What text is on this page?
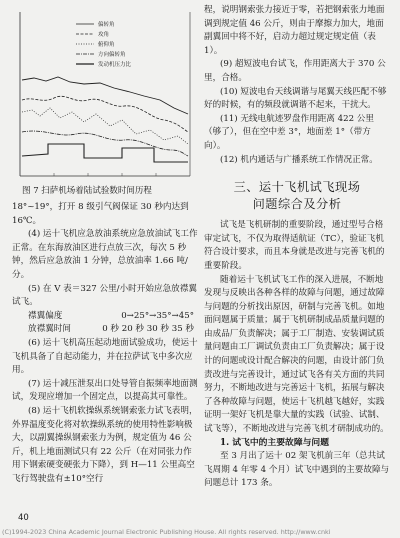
偏转角
攻角
俯仰角
方向偏转角
发动机压力比
图 7 扫萨机场着陆试验数时间历程

18°~19°，打开 8 级引气阀保证 30 秒内达到 16℃。

(4) 运十飞机应急放油系统应急放油试飞工作正常。在东海放油区进行点放三次，每次 5 秒钟，然后应急放油 1 分钟，总放油率 1.66 吨/分。

(5) 在 V 表＝327 公里/小时开始应急放襟翼试飞。

襟翼偏度	0→25°→35°→45°
放襟翼时间	0 秒 20 秒 30 秒 35 秒

(6) 运十飞机高压起动地面试验成功，使运十飞机具备了自起动能力，并在拉萨试飞中多次应用。

(7) 运十减压泄泵出口处导管自振频率地面测试，发现应增加一个固定点，以提高其可靠性。

(8) 运十飞机软操纵系统钢索张力试飞表明，外界温度变化将对软操纵系统的使用特性影响极大，以副翼操纵钢索张力为例，规定值为 46 公斤，机上地面测试只有 22 公斤（在对同张力作用下钢索硬变硬张力下降），到 H—11 公里高空飞行驾驶盘有±10°空行

40
(C)1994-2023 China Academic Journal Electronic Publishing House. All rights reserved. http://www.cnki

程，说明钢索张力接近于零，若把钢索张力地面调到规定值 46 公斤，则由于摩擦力加大，地面副翼回中将不好，启动力超过规定规定值（表 1）。

(9) 超短波电台试飞，作用距离大于 370 公里，合格。

(10) 短波电台天线调谐与尾翼天线匹配不够好的时候，有的频段就调谐不起来，干扰大。

(11) 无线电航迹罗盘作用距离 422 公里（够了），但在空中差 3°，地面差 1°（带方向）。

(12) 机内通话与广播系统工作情况正常。

三、运十飞机试飞现场
问题综合及分析

试飞是飞机研制的重要阶段，通过型号合格审定试飞，不仅为取得适航证（TC），验证飞机符合设计要求，而且本身就是改进与完善飞机的重要阶段。

随着运十飞机试飞工作的深入进展，不断地发现与反映出各种各样的故障与问题，通过故障与问题的分析找出原因，研制与完善飞机。如地面问题属于质量；属于飞机研制成品质量问题的由成品厂负责解决；属于工厂制造、安装调试质量问题由工厂调试负责由工厂负责解决；属于设计的问题或设计配合解决的问题，由设计部门负责改进与完善设计，通过试飞各有关方面的共同努力，不断地改进与完善运十飞机，拓展与解决了各种故障与问题，使运十飞机越飞越好，实践证明一架好飞机是靠大量的实践（试验、试制、试飞等），不断地改进与完善飞机才研制成功的。

1. 试飞中的主要故障与问题

至 3 月出了运十 02 架飞机前三年（总共试飞周期 4 年零 4 个月）试飞中遇到的主要故障与问题总计 173 条。
